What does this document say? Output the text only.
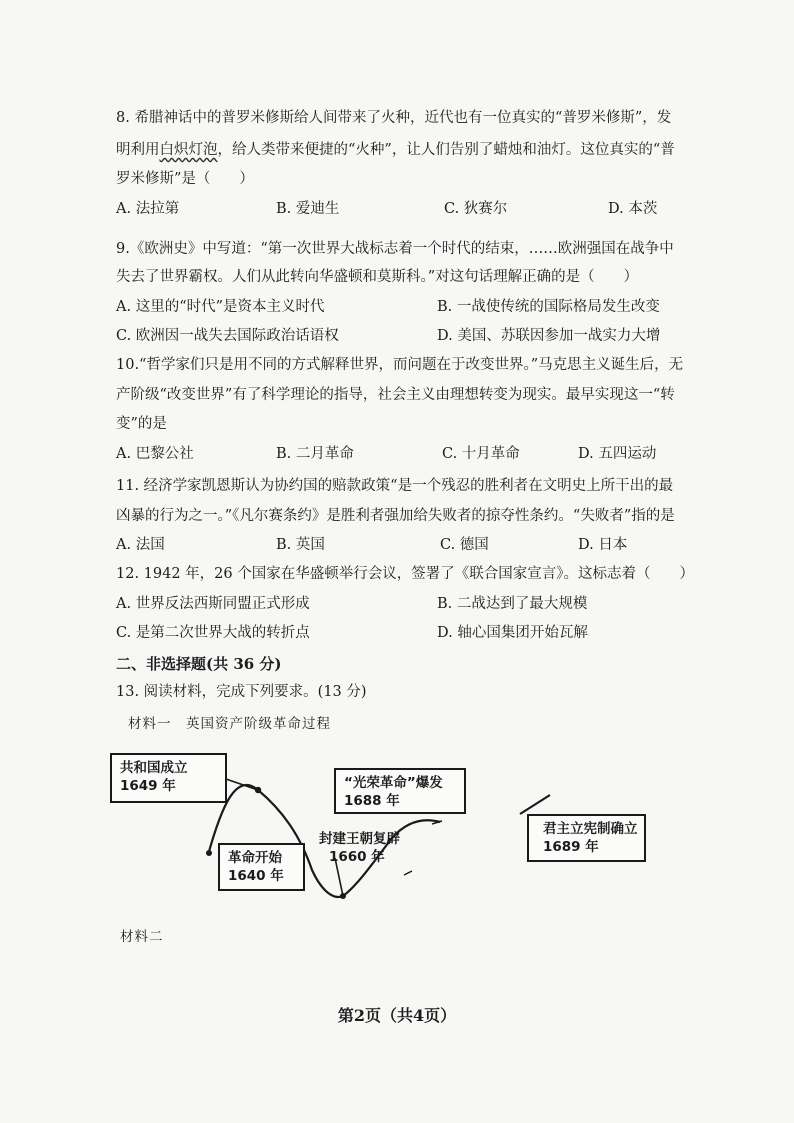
8. 希腊神话中的普罗米修斯给人间带来了火种，近代也有一位真实的“普罗米修斯”，发
明利用白炽灯泡，给人类带来便捷的“火种”，让人们告别了蜡烛和油灯。这位真实的“普
罗米修斯”是（　　）
A. 法拉第	B. 爱迪生	C. 狄赛尔	D. 本茨
9.《欧洲史》中写道：“第一次世界大战标志着一个时代的结束，……欧洲强国在战争中
失去了世界霸权。人们从此转向华盛顿和莫斯科。”对这句话理解正确的是（　　）
A. 这里的“时代”是资本主义时代	B. 一战使传统的国际格局发生改变
C. 欧洲因一战失去国际政治话语权	D. 美国、苏联因参加一战实力大增
10.“哲学家们只是用不同的方式解释世界，而问题在于改变世界。”马克思主义诞生后，无
产阶级“改变世界”有了科学理论的指导，社会主义由理想转变为现实。最早实现这一“转
变”的是
A. 巴黎公社	B. 二月革命	C. 十月革命	D. 五四运动
11. 经济学家凯恩斯认为协约国的赔款政策“是一个残忍的胜利者在文明史上所干出的最
凶暴的行为之一。”《凡尔赛条约》是胜利者强加给失败者的掠夺性条约。“失败者”指的是
A. 法国	B. 英国	C. 德国	D. 日本
12. 1942 年，26 个国家在华盛顿举行会议，签署了《联合国家宣言》。这标志着（　　）
A. 世界反法西斯同盟正式形成	B. 二战达到了最大规模
C. 是第二次世界大战的转折点	D. 轴心国集团开始瓦解
二、非选择题(共 36 分)
13. 阅读材料，完成下列要求。(13 分)
材料一　英国资产阶级革命过程
共和国成立
1649 年	“光荣革命”爆发
1688 年
封建王朝复辟
1660 年
革命开始
1640 年
君主立宪制确立
1689 年
材料二
第2页（共4页）
